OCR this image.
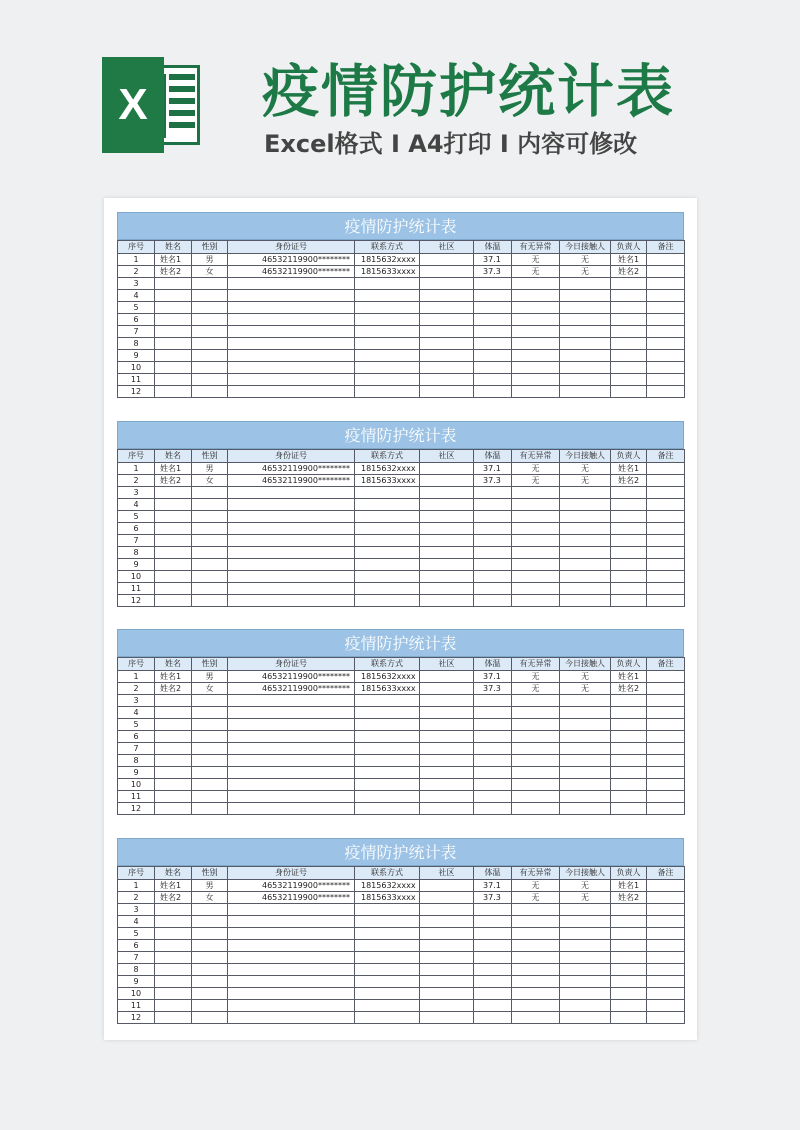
X 疫情防护统计表
Excel格式 I A4打印 I 内容可修改
疫情防护统计表
序号	姓名	性别	身份证号	联系方式	社区	体温	有无异常	今日接触人	负责人	备注
1	姓名1	男	46532119900********	1815632xxxx		37.1	无	无	姓名1	
2	姓名2	女	46532119900********	1815633xxxx		37.3	无	无	姓名2	
3										
4										
5										
6										
7										
8										
9										
10										
11										
12										
疫情防护统计表
序号	姓名	性别	身份证号	联系方式	社区	体温	有无异常	今日接触人	负责人	备注
1	姓名1	男	46532119900********	1815632xxxx		37.1	无	无	姓名1	
2	姓名2	女	46532119900********	1815633xxxx		37.3	无	无	姓名2	
3										
4										
5										
6										
7										
8										
9										
10										
11										
12										
疫情防护统计表
序号	姓名	性别	身份证号	联系方式	社区	体温	有无异常	今日接触人	负责人	备注
1	姓名1	男	46532119900********	1815632xxxx		37.1	无	无	姓名1	
2	姓名2	女	46532119900********	1815633xxxx		37.3	无	无	姓名2	
3										
4										
5										
6										
7										
8										
9										
10										
11										
12										
疫情防护统计表
序号	姓名	性别	身份证号	联系方式	社区	体温	有无异常	今日接触人	负责人	备注
1	姓名1	男	46532119900********	1815632xxxx		37.1	无	无	姓名1	
2	姓名2	女	46532119900********	1815633xxxx		37.3	无	无	姓名2	
3										
4										
5										
6										
7										
8										
9										
10										
11										
12										
